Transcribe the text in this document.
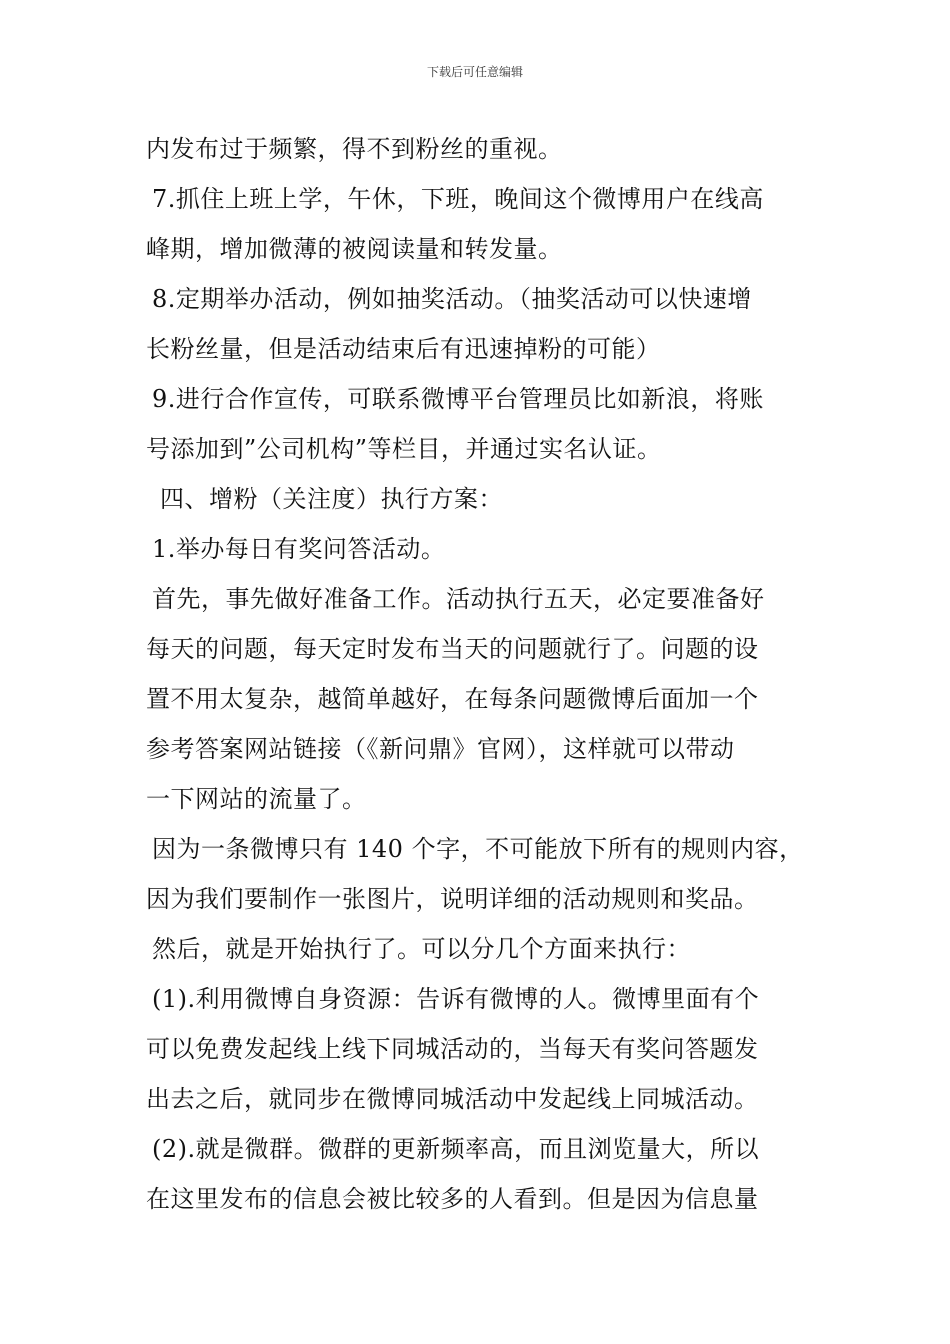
下载后可任意编辑
内发布过于频繁，得不到粉丝的重视。
7.抓住上班上学，午休，下班，晚间这个微博用户在线高
峰期，增加微薄的被阅读量和转发量。
8.定期举办活动，例如抽奖活动。（抽奖活动可以快速增
长粉丝量，但是活动结束后有迅速掉粉的可能）
9.进行合作宣传，可联系微博平台管理员比如新浪，将账
号添加到”公司机构”等栏目，并通过实名认证。
四、增粉（关注度）执行方案：
1.举办每日有奖问答活动。
首先，事先做好准备工作。活动执行五天，必定要准备好
每天的问题，每天定时发布当天的问题就行了。问题的设
置不用太复杂，越简单越好，在每条问题微博后面加一个
参考答案网站链接（《新问鼎》官网），这样就可以带动
一下网站的流量了。
因为一条微博只有 140 个字，不可能放下所有的规则内容，
因为我们要制作一张图片，说明详细的活动规则和奖品。
然后，就是开始执行了。可以分几个方面来执行：
(1).利用微博自身资源：告诉有微博的人。微博里面有个
可以免费发起线上线下同城活动的，当每天有奖问答题发
出去之后，就同步在微博同城活动中发起线上同城活动。
(2).就是微群。微群的更新频率高，而且浏览量大，所以
在这里发布的信息会被比较多的人看到。但是因为信息量
